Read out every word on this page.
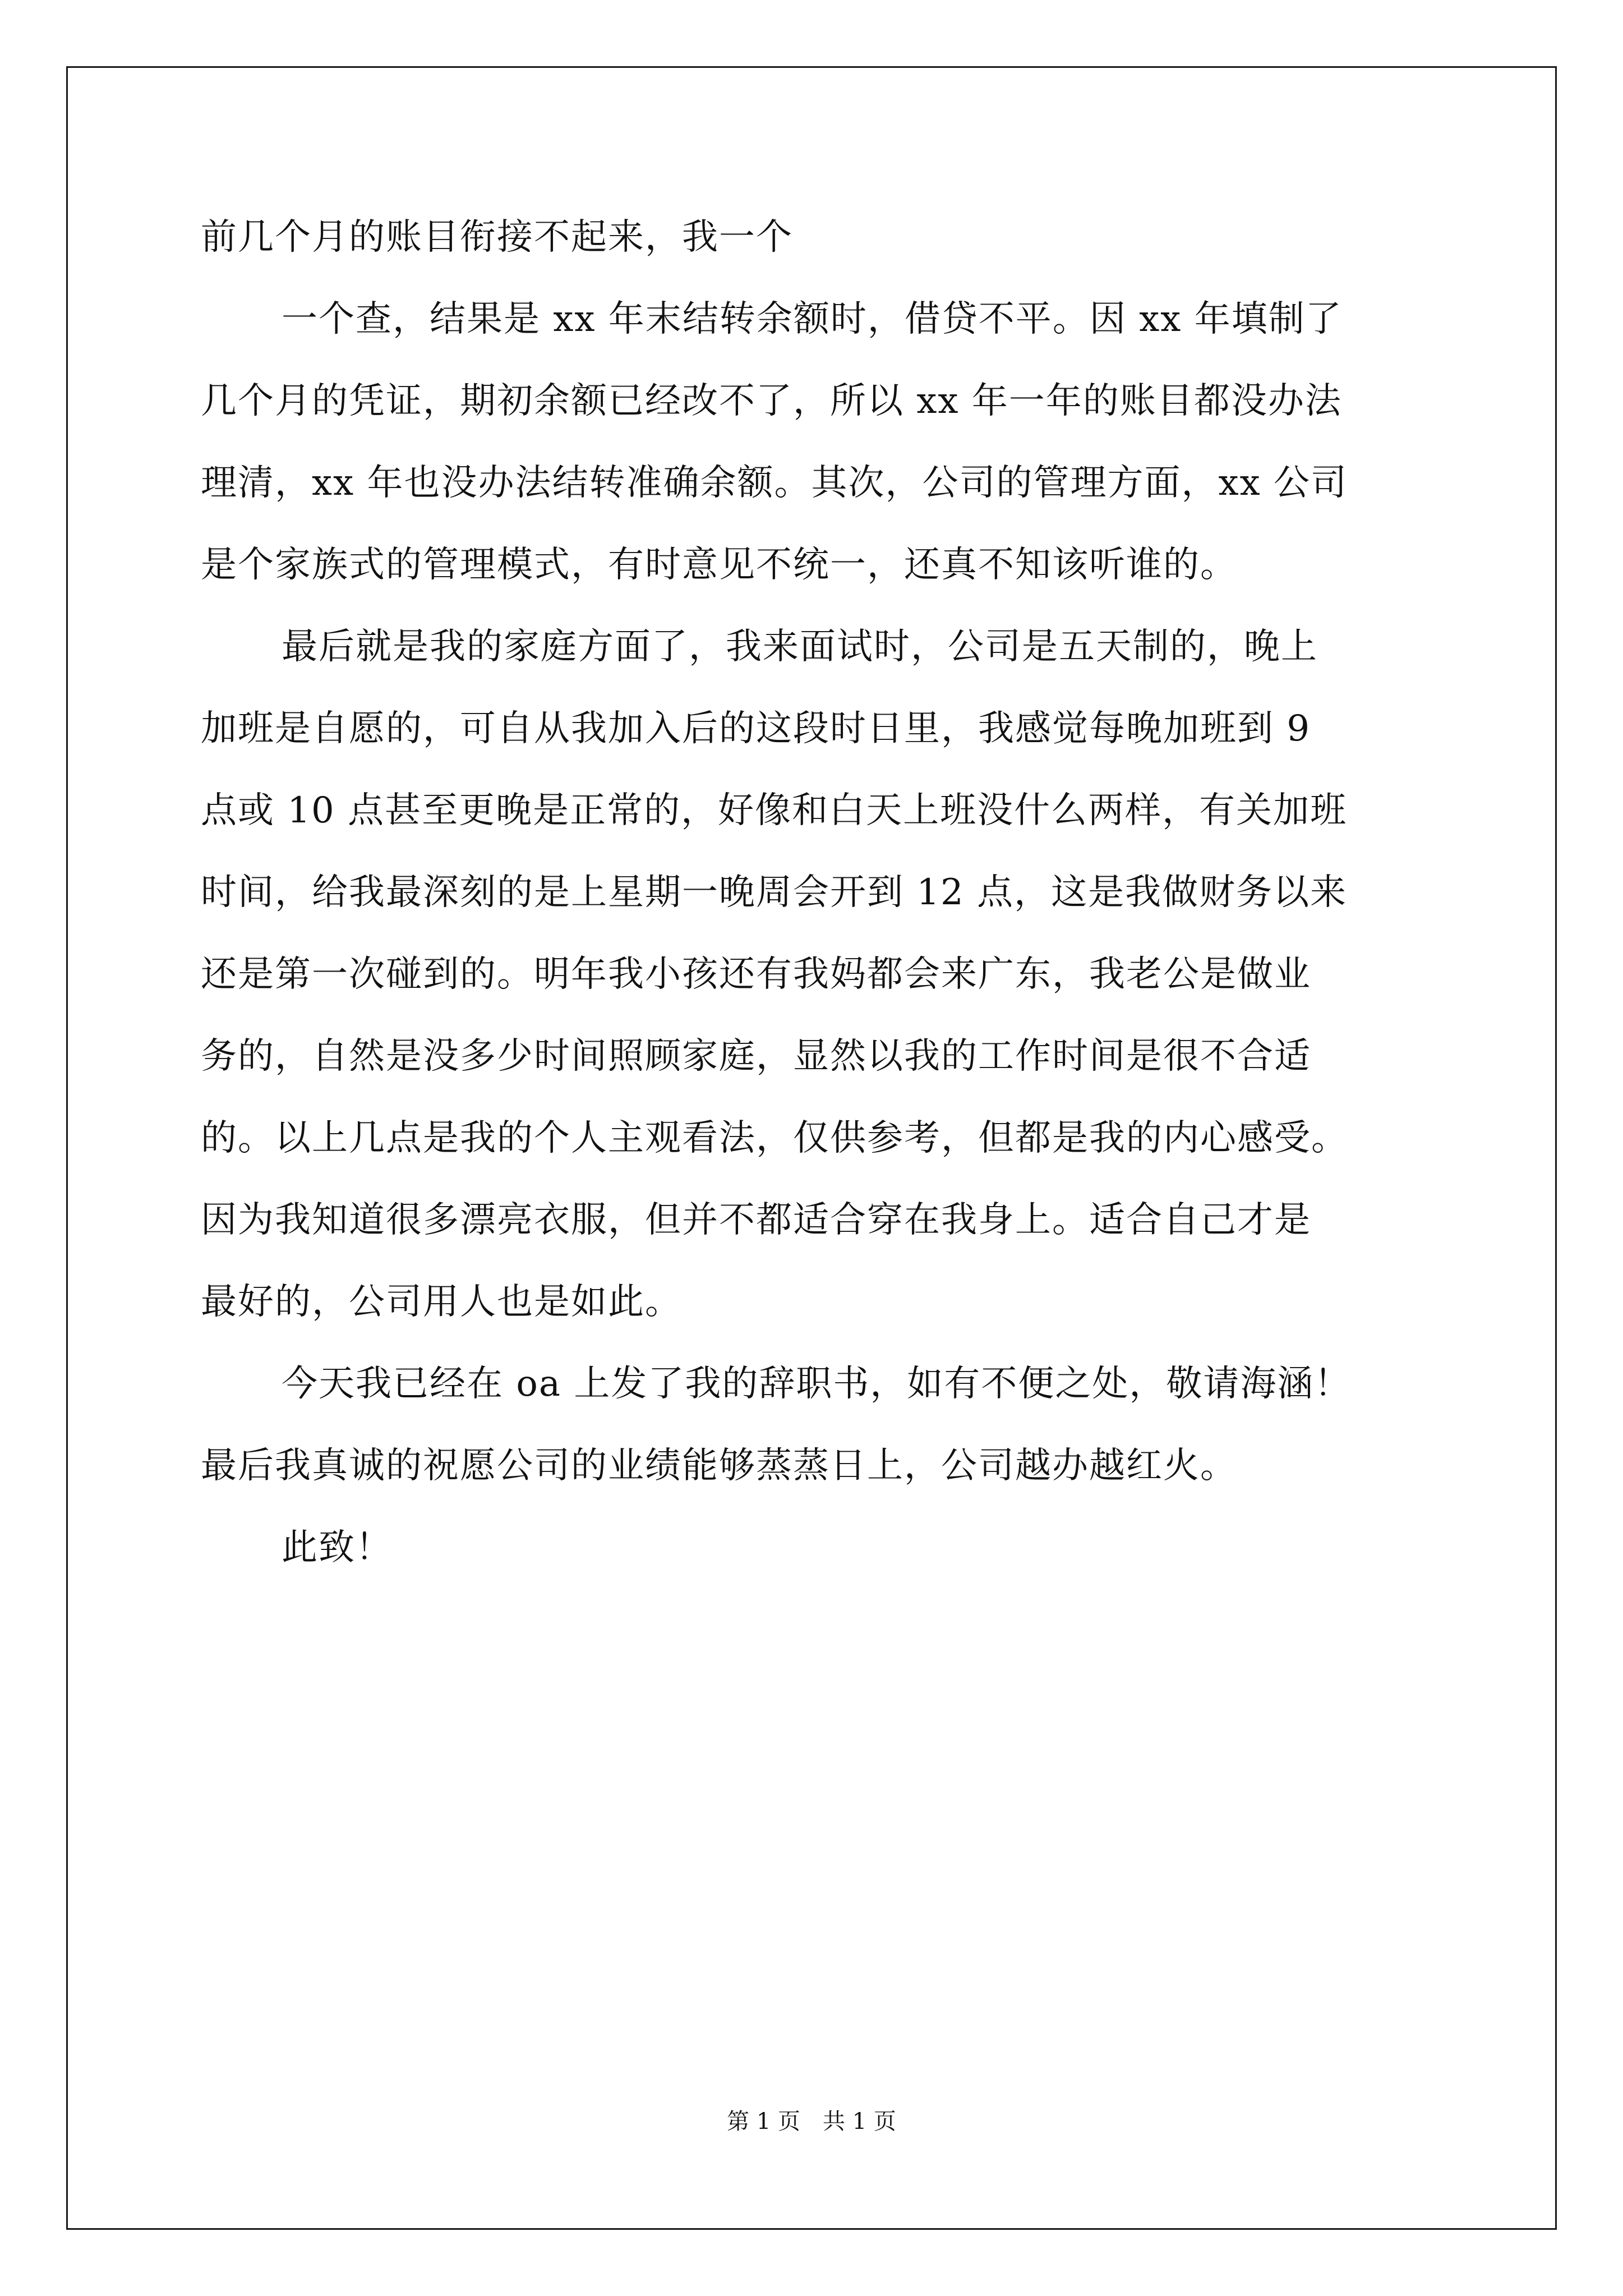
前几个月的账目衔接不起来，我一个
一个查，结果是 xx 年末结转余额时，借贷不平。因 xx 年填制了
几个月的凭证，期初余额已经改不了，所以 xx 年一年的账目都没办法
理清，xx 年也没办法结转准确余额。其次，公司的管理方面，xx 公司
是个家族式的管理模式，有时意见不统一，还真不知该听谁的。
最后就是我的家庭方面了，我来面试时，公司是五天制的，晚上
加班是自愿的，可自从我加入后的这段时日里，我感觉每晚加班到 9
点或 10 点甚至更晚是正常的，好像和白天上班没什么两样，有关加班
时间，给我最深刻的是上星期一晚周会开到 12 点，这是我做财务以来
还是第一次碰到的。明年我小孩还有我妈都会来广东，我老公是做业
务的，自然是没多少时间照顾家庭，显然以我的工作时间是很不合适
的。以上几点是我的个人主观看法，仅供参考，但都是我的内心感受。
因为我知道很多漂亮衣服，但并不都适合穿在我身上。适合自己才是
最好的，公司用人也是如此。
今天我已经在 oa 上发了我的辞职书，如有不便之处，敬请海涵！
最后我真诚的祝愿公司的业绩能够蒸蒸日上，公司越办越红火。
此致！
第 1 页　共 1 页
